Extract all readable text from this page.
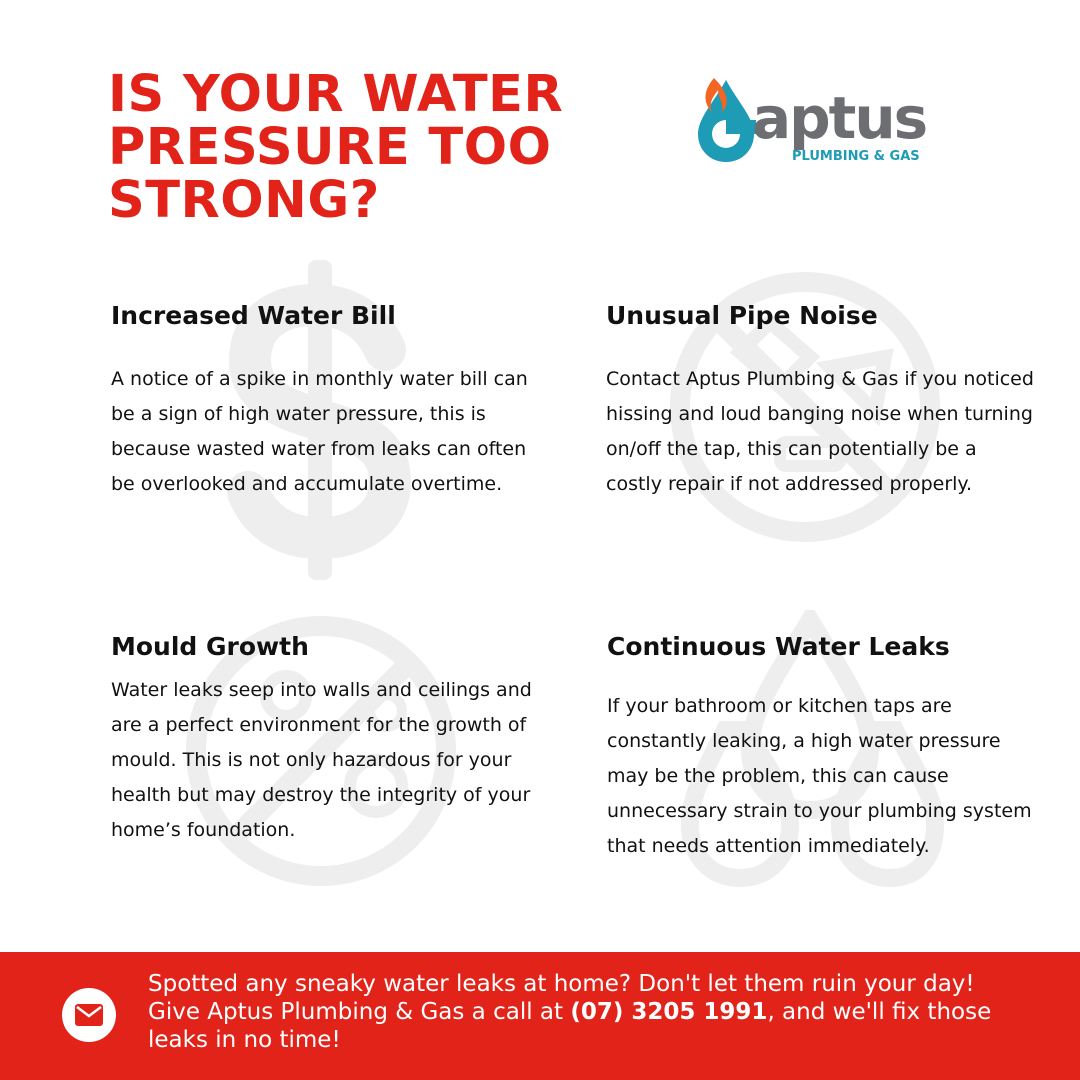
IS YOUR WATER
PRESSURE TOO
STRONG?
aptus
PLUMBING & GAS
Increased Water Bill

A notice of a spike in monthly water bill can be a sign of high water pressure, this is because wasted water from leaks can often be overlooked and accumulate overtime.

Unusual Pipe Noise

Contact Aptus Plumbing & Gas if you noticed hissing and loud banging noise when turning on/off the tap, this can potentially be a costly repair if not addressed properly.

Mould Growth

Water leaks seep into walls and ceilings and are a perfect environment for the growth of mould. This is not only hazardous for your health but may destroy the integrity of your home’s foundation.

Continuous Water Leaks

If your bathroom or kitchen taps are constantly leaking, a high water pressure may be the problem, this can cause unnecessary strain to your plumbing system that needs attention immediately.

Spotted any sneaky water leaks at home? Don't let them ruin your day! Give Aptus Plumbing & Gas a call at (07) 3205 1991, and we'll fix those leaks in no time!
